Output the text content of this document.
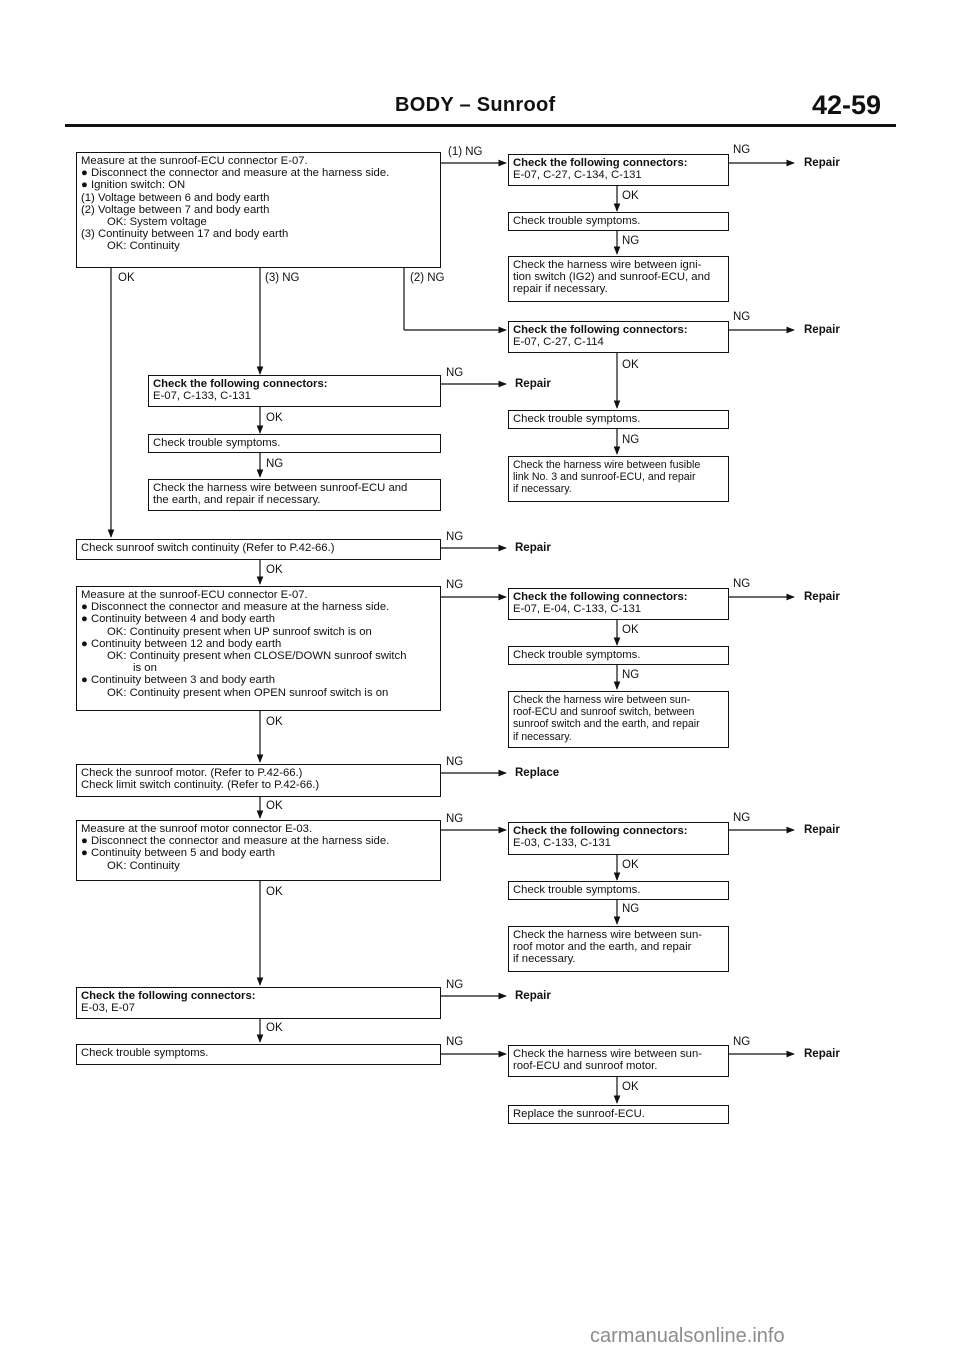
BODY – Sunroof	42-59
Measure at the sunroof-ECU connector E-07.
● Disconnect the connector and measure at the harness side.
● Ignition switch: ON
(1) Voltage between 6 and body earth
(2) Voltage between 7 and body earth
OK: System voltage
(3) Continuity between 17 and body earth
OK: Continuity
(1) NG
OK	(3) NG	(2) NG
Check the following connectors:
E-07, C-27, C-134, C-131
NG
Repair
OK
Check trouble symptoms.
NG
Check the harness wire between igni-
tion switch (IG2) and sunroof-ECU, and
repair if necessary.
Check the following connectors:
E-07, C-27, C-114
NG
Repair
OK
Check trouble symptoms.
NG
Check the harness wire between fusible
link No. 3 and sunroof-ECU, and repair
if necessary.
Check the following connectors:
E-07, C-133, C-131
NG
Repair
OK
Check trouble symptoms.
NG
Check the harness wire between sunroof-ECU and
the earth, and repair if necessary.
Check sunroof switch continuity (Refer to P.42-66.)
NG
Repair
OK
Measure at the sunroof-ECU connector E-07.
● Disconnect the connector and measure at the harness side.
● Continuity between 4 and body earth
OK: Continuity present when UP sunroof switch is on
● Continuity between 12 and body earth
OK: Continuity present when CLOSE/DOWN sunroof switch
is on
● Continuity between 3 and body earth
OK: Continuity present when OPEN sunroof switch is on
NG
OK
Check the following connectors:
E-07, E-04, C-133, C-131
NG
Repair
OK
Check trouble symptoms.
NG
Check the harness wire between sun-
roof-ECU and sunroof switch, between
sunroof switch and the earth, and repair
if necessary.
Check the sunroof motor. (Refer to P.42-66.)
Check limit switch continuity. (Refer to P.42-66.)
NG
Replace
OK
Measure at the sunroof motor connector E-03.
● Disconnect the connector and measure at the harness side.
● Continuity between 5 and body earth
OK: Continuity
NG
OK
Check the following connectors:
E-03, C-133, C-131
NG
Repair
OK
Check trouble symptoms.
NG
Check the harness wire between sun-
roof motor and the earth, and repair
if necessary.
Check the following connectors:
E-03, E-07
NG
Repair
OK
Check trouble symptoms.
NG
Check the harness wire between sun-
roof-ECU and sunroof motor.
NG
Repair
OK
Replace the sunroof-ECU.
carmanualsonline.info
